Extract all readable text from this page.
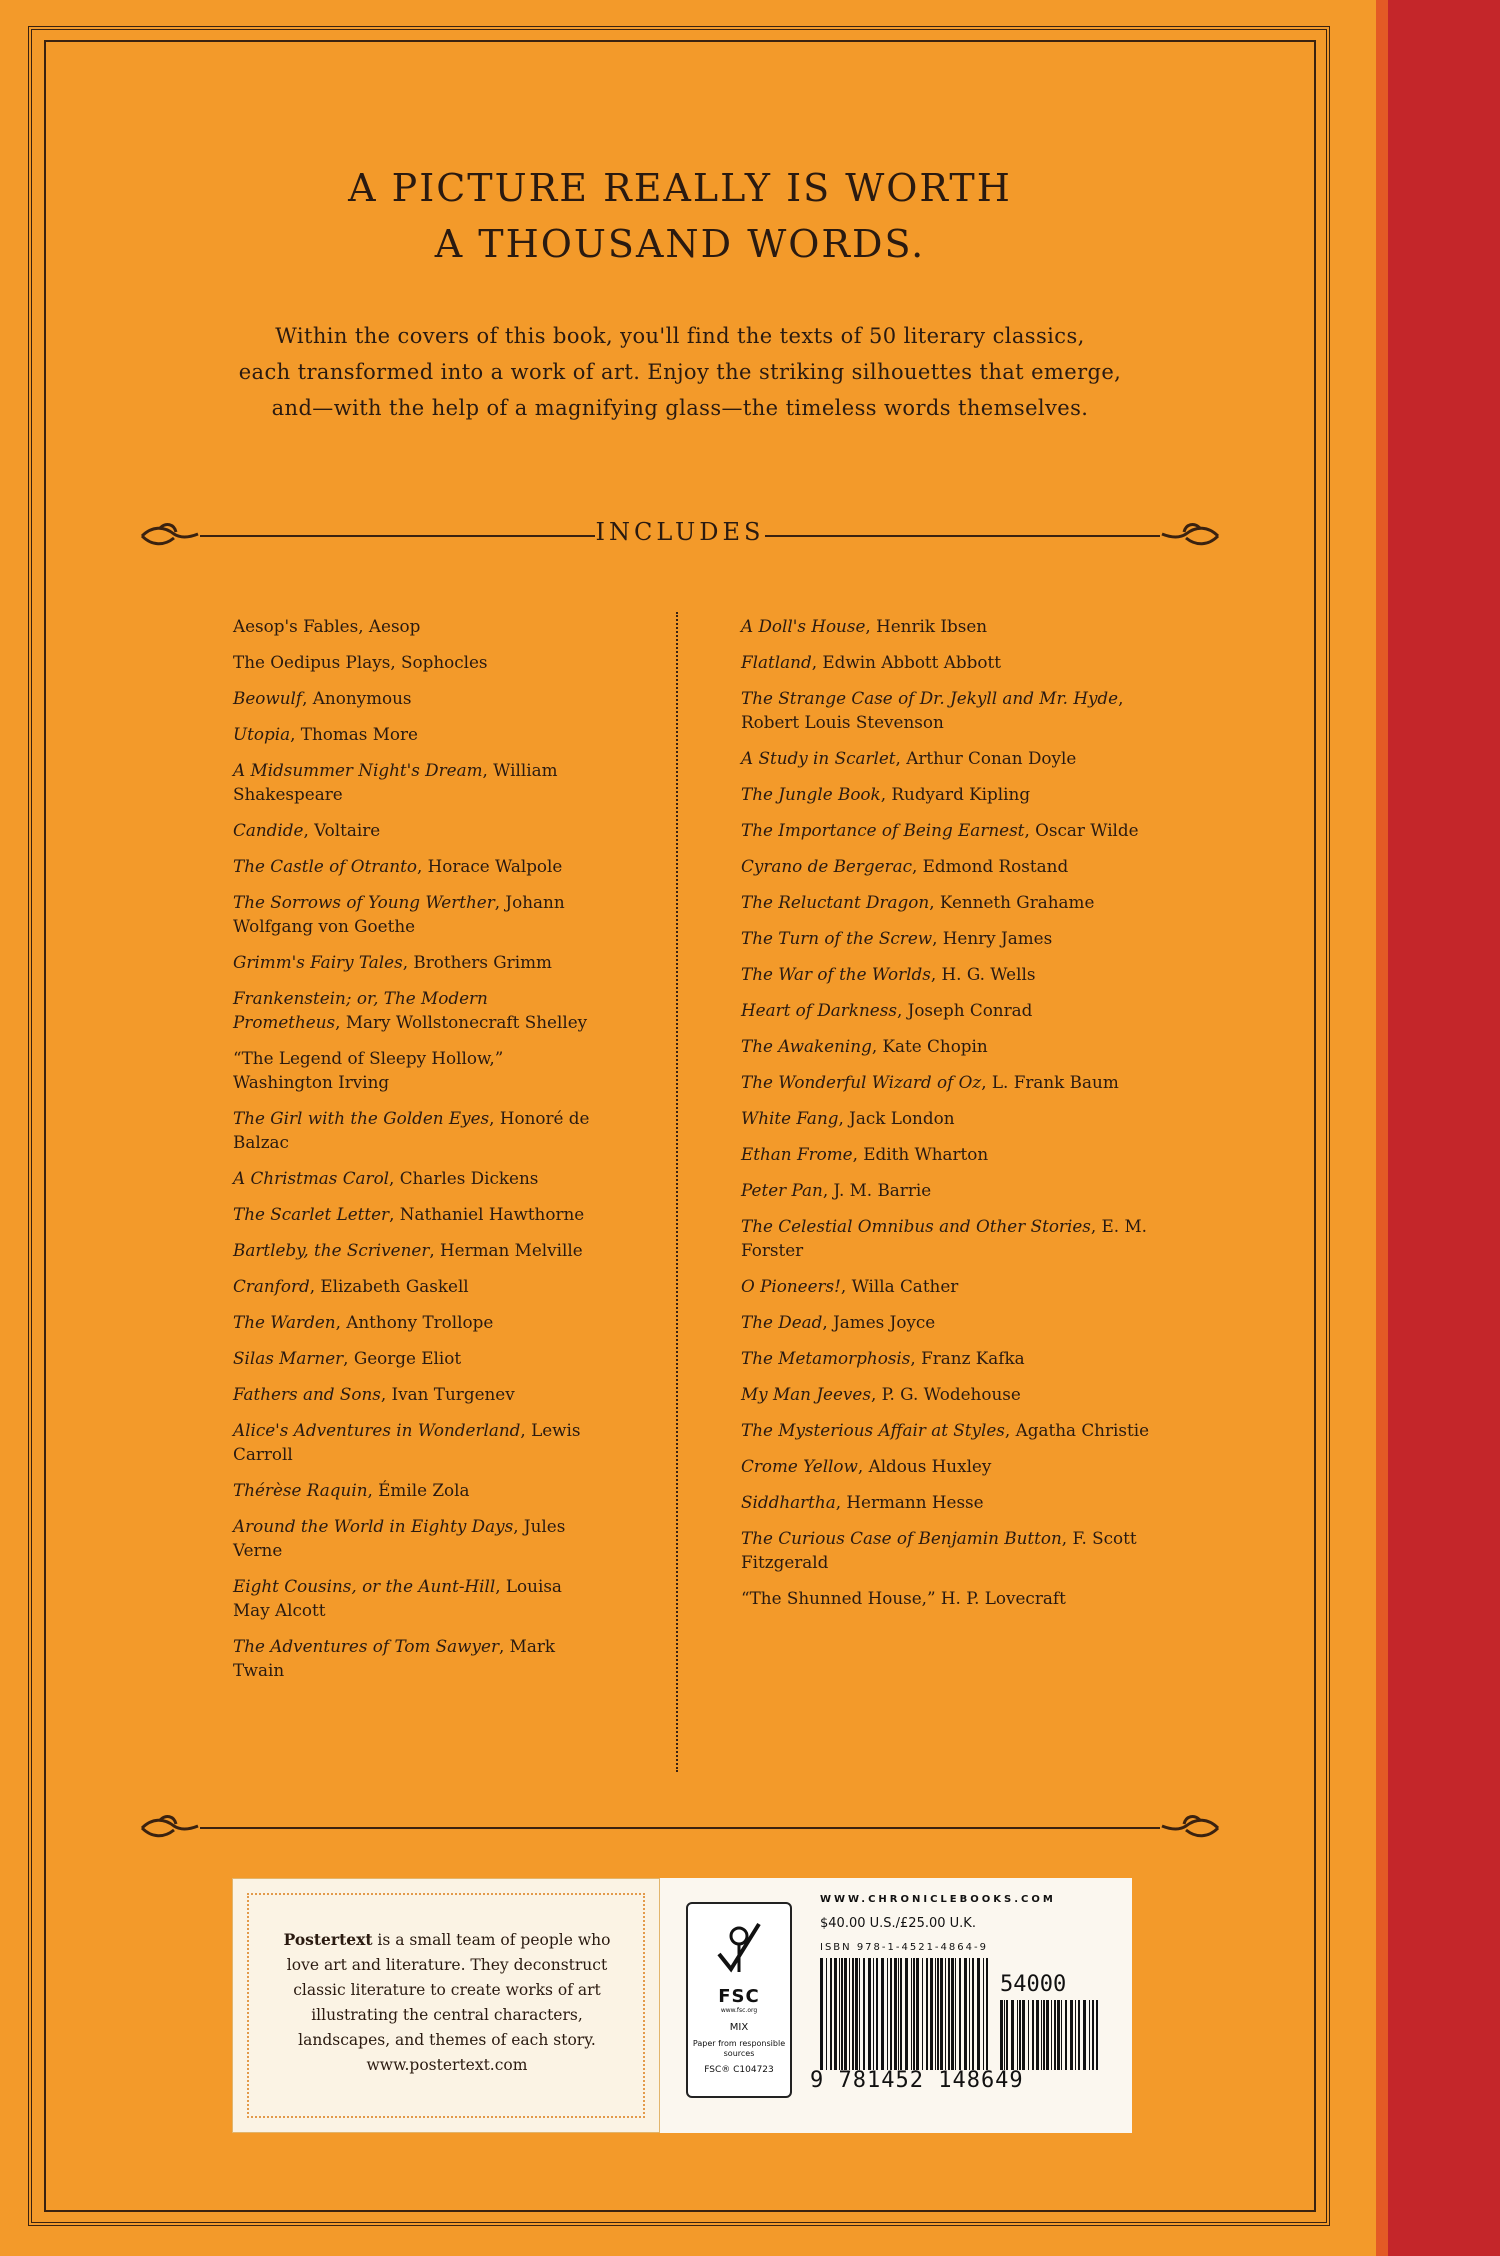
A PICTURE REALLY IS WORTH
A THOUSAND WORDS.
Within the covers of this book, you'll find the texts of 50 literary classics,
each transformed into a work of art. Enjoy the striking silhouettes that emerge,
and—with the help of a magnifying glass—the timeless words themselves.
INCLUDES
Aesop's Fables, Aesop
The Oedipus Plays, Sophocles
Beowulf, Anonymous
Utopia, Thomas More
A Midsummer Night's Dream, William Shakespeare
Candide, Voltaire
The Castle of Otranto, Horace Walpole
The Sorrows of Young Werther, Johann Wolfgang von Goethe
Grimm's Fairy Tales, Brothers Grimm
Frankenstein; or, The Modern Prometheus, Mary Wollstonecraft Shelley
“The Legend of Sleepy Hollow,” Washington Irving
The Girl with the Golden Eyes, Honoré de Balzac
A Christmas Carol, Charles Dickens
The Scarlet Letter, Nathaniel Hawthorne
Bartleby, the Scrivener, Herman Melville
Cranford, Elizabeth Gaskell
The Warden, Anthony Trollope
Silas Marner, George Eliot
Fathers and Sons, Ivan Turgenev
Alice's Adventures in Wonderland, Lewis Carroll
Thérèse Raquin, Émile Zola
Around the World in Eighty Days, Jules Verne
Eight Cousins, or the Aunt-Hill, Louisa May Alcott
The Adventures of Tom Sawyer, Mark Twain
A Doll's House, Henrik Ibsen
Flatland, Edwin Abbott Abbott
The Strange Case of Dr. Jekyll and Mr. Hyde, Robert Louis Stevenson
A Study in Scarlet, Arthur Conan Doyle
The Jungle Book, Rudyard Kipling
The Importance of Being Earnest, Oscar Wilde
Cyrano de Bergerac, Edmond Rostand
The Reluctant Dragon, Kenneth Grahame
The Turn of the Screw, Henry James
The War of the Worlds, H. G. Wells
Heart of Darkness, Joseph Conrad
The Awakening, Kate Chopin
The Wonderful Wizard of Oz, L. Frank Baum
White Fang, Jack London
Ethan Frome, Edith Wharton
Peter Pan, J. M. Barrie
The Celestial Omnibus and Other Stories, E. M. Forster
O Pioneers!, Willa Cather
The Dead, James Joyce
The Metamorphosis, Franz Kafka
My Man Jeeves, P. G. Wodehouse
The Mysterious Affair at Styles, Agatha Christie
Crome Yellow, Aldous Huxley
Siddhartha, Hermann Hesse
The Curious Case of Benjamin Button, F. Scott Fitzgerald
“The Shunned House,” H. P. Lovecraft
Postertext is a small team of people who love art and literature. They deconstruct classic literature to create works of art illustrating the central characters, landscapes, and themes of each story.
www.postertext.com
FSC
www.fsc.org
MIX
Paper from responsible sources
FSC® C104723
WWW.CHRONICLEBOOKS.COM
$40.00 U.S./£25.00 U.K.
ISBN 978-1-4521-4864-9
54000
9 781452 148649
